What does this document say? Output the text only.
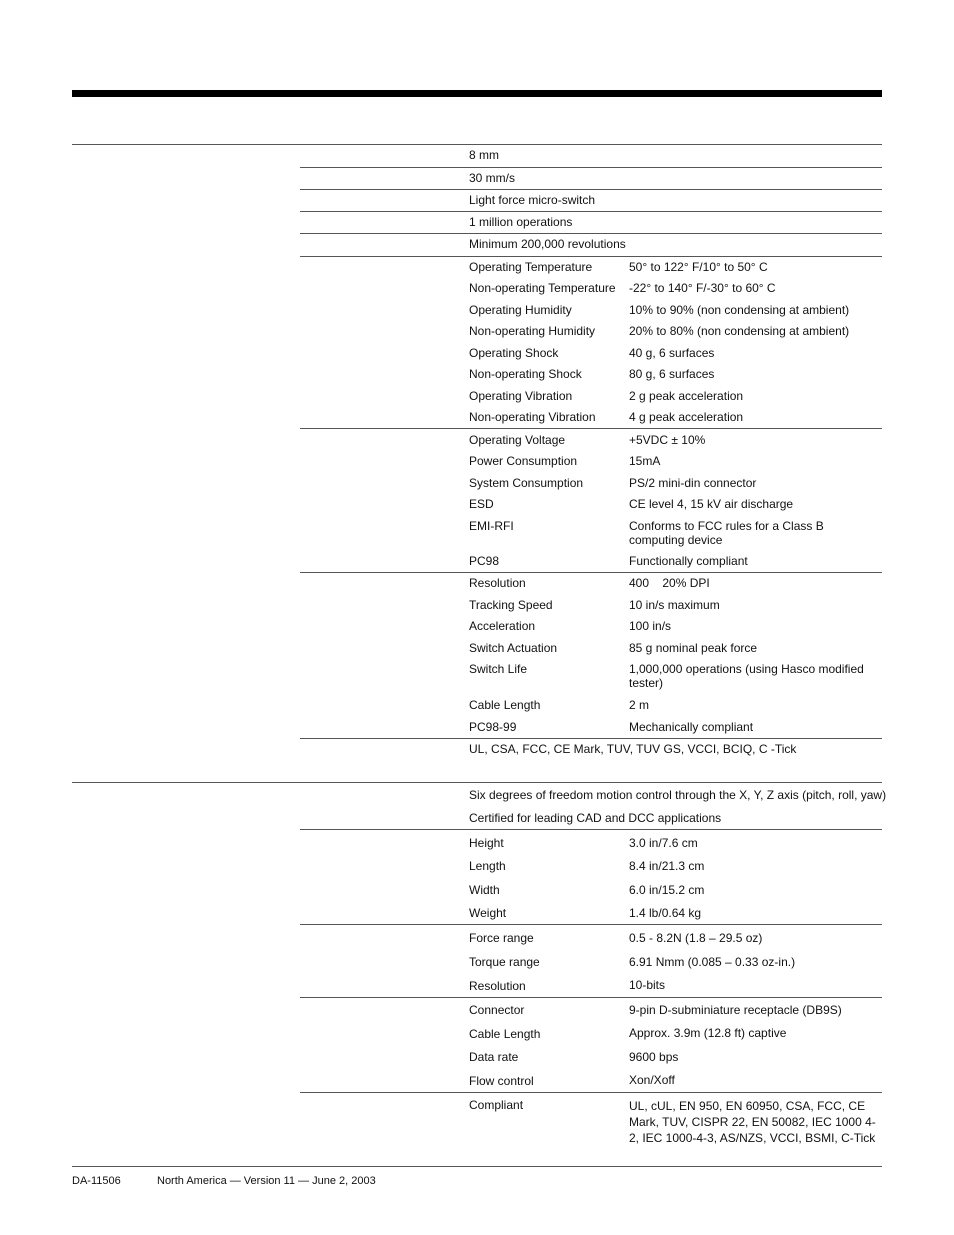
8 mm
30 mm/s
Light force micro-switch
1 million operations
Minimum 200,000 revolutions
Operating Temperature	50° to 122° F/10° to 50° C
Non-operating Temperature -22° to 140° F/-30° to 60° C
Operating Humidity	10% to 90% (non condensing at ambient)
Non-operating Humidity	20% to 80% (non condensing at ambient)
Operating Shock	40 g, 6 surfaces
Non-operating Shock	80 g, 6 surfaces
Operating Vibration	2 g peak acceleration
Non-operating Vibration	4 g peak acceleration
Operating Voltage	+5VDC ± 10%
Power Consumption	15mA
System Consumption	PS/2 mini-din connector
ESD	CE level 4, 15 kV air discharge
EMI-RFI	Conforms to FCC rules for a Class B computing device
PC98	Functionally compliant
Resolution	400    20% DPI
Tracking Speed	10 in/s maximum
Acceleration	100 in/s
Switch Actuation	85 g nominal peak force
Switch Life	1,000,000 operations (using Hasco modified tester)
Cable Length	2 m
PC98-99	Mechanically compliant
UL, CSA, FCC, CE Mark, TUV, TUV GS, VCCI, BCIQ, C -Tick
Six degrees of freedom motion control through the X, Y, Z axis (pitch, roll, yaw)
Certified for leading CAD and DCC applications
Height	3.0 in/7.6 cm
Length	8.4 in/21.3 cm
Width	6.0 in/15.2 cm
Weight	1.4 lb/0.64 kg
Force range	0.5 - 8.2N (1.8 – 29.5 oz)
Torque range	6.91 Nmm (0.085 – 0.33 oz-in.)
Resolution	10-bits
Connector	9-pin D-subminiature receptacle (DB9S)
Cable Length	Approx. 3.9m (12.8 ft) captive
Data rate	9600 bps
Flow control	Xon/Xoff
Compliant	UL, cUL, EN 950, EN 60950, CSA, FCC, CE Mark, TUV, CISPR 22, EN 50082, IEC 1000 4-2, IEC 1000-4-3, AS/NZS, VCCI, BSMI, C-Tick
DA-11506	North America — Version 11 — June 2, 2003
